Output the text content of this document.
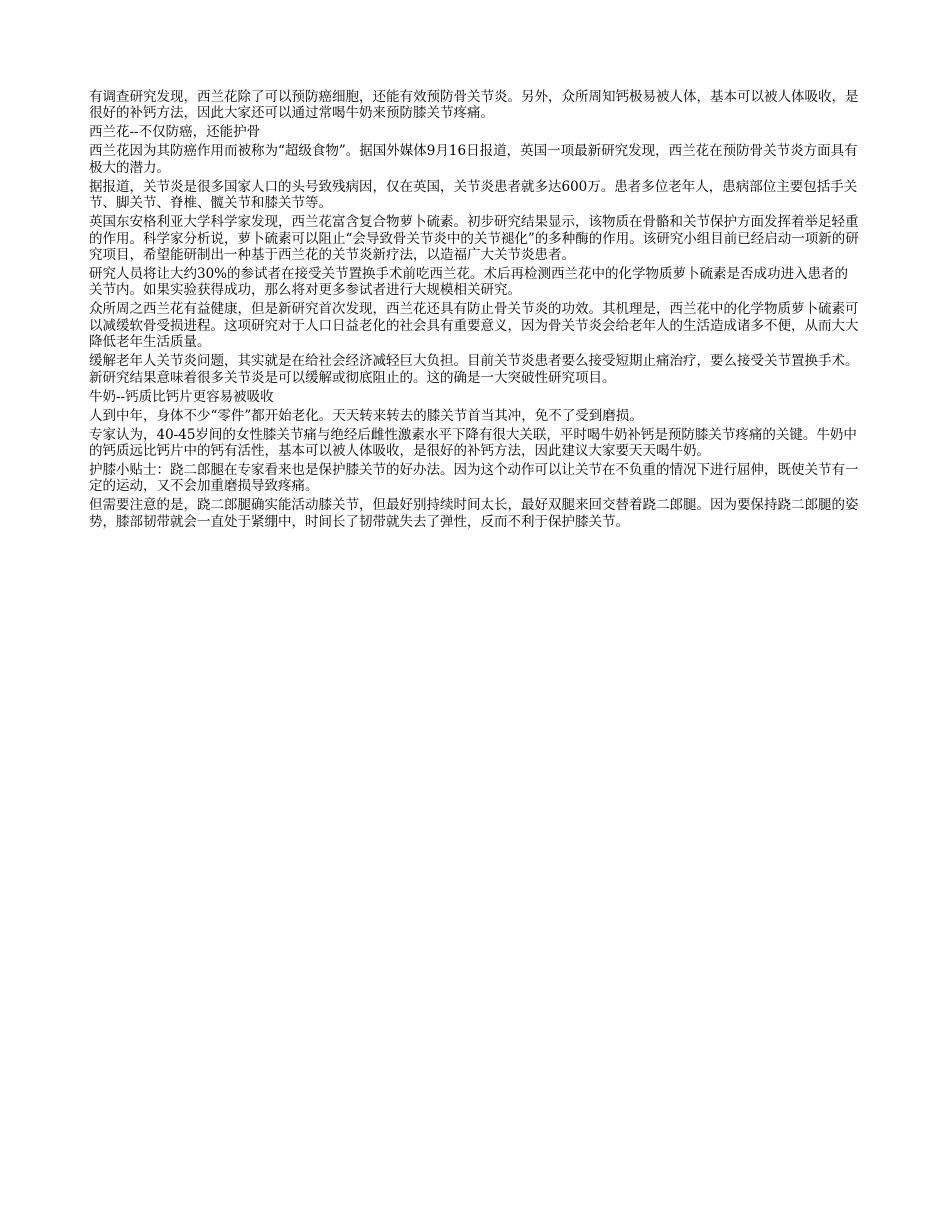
有调查研究发现，西兰花除了可以预防癌细胞，还能有效预防骨关节炎。另外，众所周知钙极易被人体，基本可以被人体吸收，是很好的补钙方法，因此大家还可以通过常喝牛奶来预防膝关节疼痛。

西兰花--不仅防癌，还能护骨

西兰花因为其防癌作用而被称为“超级食物”。据国外媒体9月16日报道，英国一项最新研究发现，西兰花在预防骨关节炎方面具有极大的潜力。

据报道，关节炎是很多国家人口的头号致残病因，仅在英国，关节炎患者就多达600万。患者多位老年人，患病部位主要包括手关节、脚关节、脊椎、髋关节和膝关节等。

英国东安格利亚大学科学家发现，西兰花富含复合物萝卜硫素。初步研究结果显示，该物质在骨骼和关节保护方面发挥着举足轻重的作用。科学家分析说，萝卜硫素可以阻止“会导致骨关节炎中的关节褪化”的多种酶的作用。该研究小组目前已经启动一项新的研究项目，希望能研制出一种基于西兰花的关节炎新疗法，以造福广大关节炎患者。

研究人员将让大约30%的参试者在接受关节置换手术前吃西兰花。术后再检测西兰花中的化学物质萝卜硫素是否成功进入患者的关节内。如果实验获得成功，那么将对更多参试者进行大规模相关研究。

众所周之西兰花有益健康，但是新研究首次发现，西兰花还具有防止骨关节炎的功效。其机理是，西兰花中的化学物质萝卜硫素可以减缓软骨受损进程。这项研究对于人口日益老化的社会具有重要意义，因为骨关节炎会给老年人的生活造成诸多不便，从而大大降低老年生活质量。

缓解老年人关节炎问题，其实就是在给社会经济减轻巨大负担。目前关节炎患者要么接受短期止痛治疗，要么接受关节置换手术。新研究结果意味着很多关节炎是可以缓解或彻底阻止的。这的确是一大突破性研究项目。

牛奶--钙质比钙片更容易被吸收

人到中年，身体不少“零件”都开始老化。天天转来转去的膝关节首当其冲，免不了受到磨损。

专家认为，40-45岁间的女性膝关节痛与绝经后雌性激素水平下降有很大关联，平时喝牛奶补钙是预防膝关节疼痛的关键。牛奶中的钙质远比钙片中的钙有活性，基本可以被人体吸收，是很好的补钙方法，因此建议大家要天天喝牛奶。

护膝小贴士：跷二郎腿在专家看来也是保护膝关节的好办法。因为这个动作可以让关节在不负重的情况下进行屈伸，既使关节有一定的运动，又不会加重磨损导致疼痛。

但需要注意的是，跷二郎腿确实能活动膝关节，但最好别持续时间太长，最好双腿来回交替着跷二郎腿。因为要保持跷二郎腿的姿势，膝部韧带就会一直处于紧绷中，时间长了韧带就失去了弹性，反而不利于保护膝关节。
